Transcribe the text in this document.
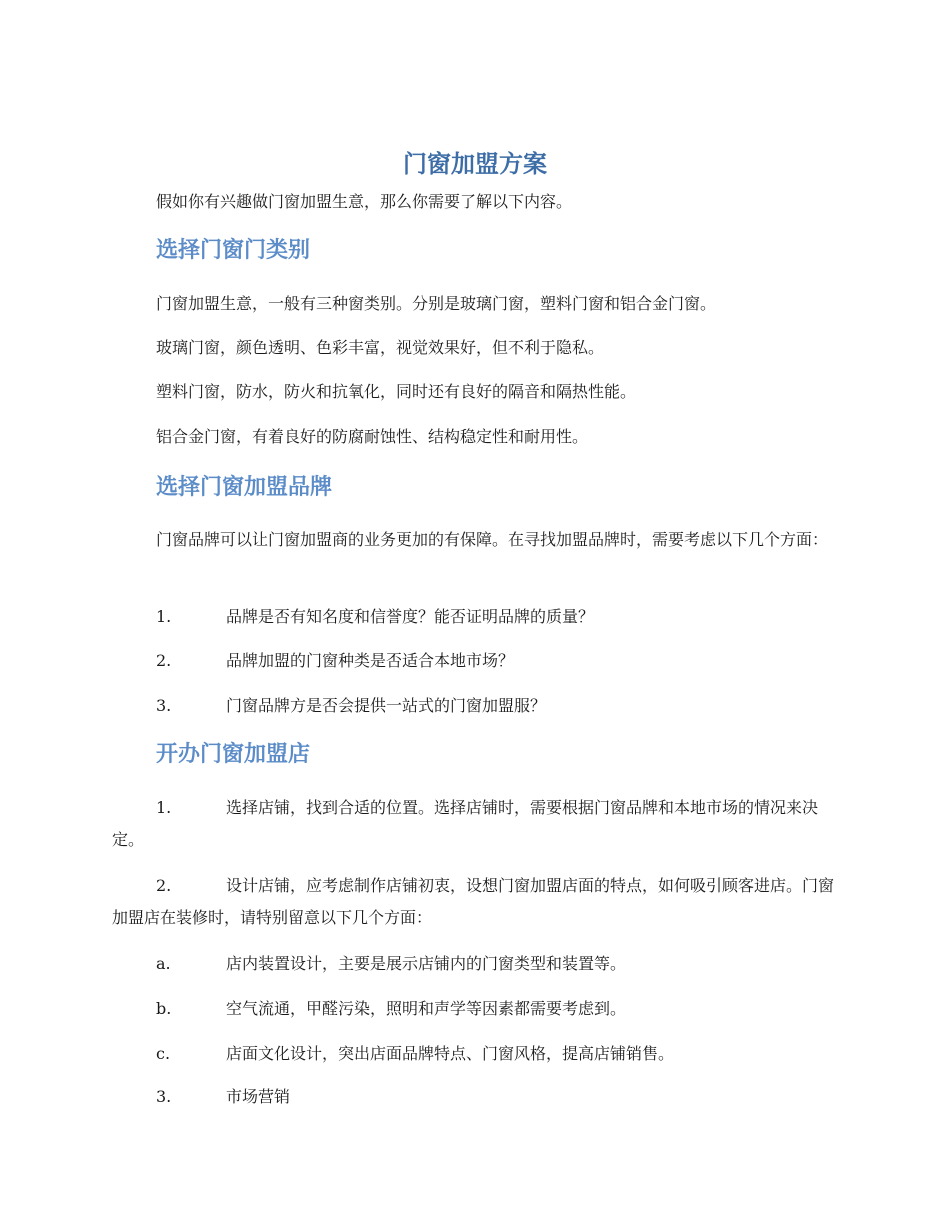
门窗加盟方案

假如你有兴趣做门窗加盟生意，那么你需要了解以下内容。

选择门窗门类别

门窗加盟生意，一般有三种窗类别。分别是玻璃门窗，塑料门窗和铝合金门窗。

玻璃门窗，颜色透明、色彩丰富，视觉效果好，但不利于隐私。

塑料门窗，防水，防火和抗氧化，同时还有良好的隔音和隔热性能。

铝合金门窗，有着良好的防腐耐蚀性、结构稳定性和耐用性。

选择门窗加盟品牌

门窗品牌可以让门窗加盟商的业务更加的有保障。在寻找加盟品牌时，需要考虑以下几个方面：

1.	品牌是否有知名度和信誉度？能否证明品牌的质量？
2.	品牌加盟的门窗种类是否适合本地市场？
3.	门窗品牌方是否会提供一站式的门窗加盟服？
开办门窗加盟店

1.	选择店铺，找到合适的位置。选择店铺时，需要根据门窗品牌和本地市场的情况来决定。

2.	设计店铺，应考虑制作店铺初衷，设想门窗加盟店面的特点，如何吸引顾客进店。门窗加盟店在装修时，请特别留意以下几个方面：

a.	店内装置设计，主要是展示店铺内的门窗类型和装置等。
b.	空气流通，甲醛污染，照明和声学等因素都需要考虑到。
c.	店面文化设计，突出店面品牌特点、门窗风格，提高店铺销售。
3.	市场营销
